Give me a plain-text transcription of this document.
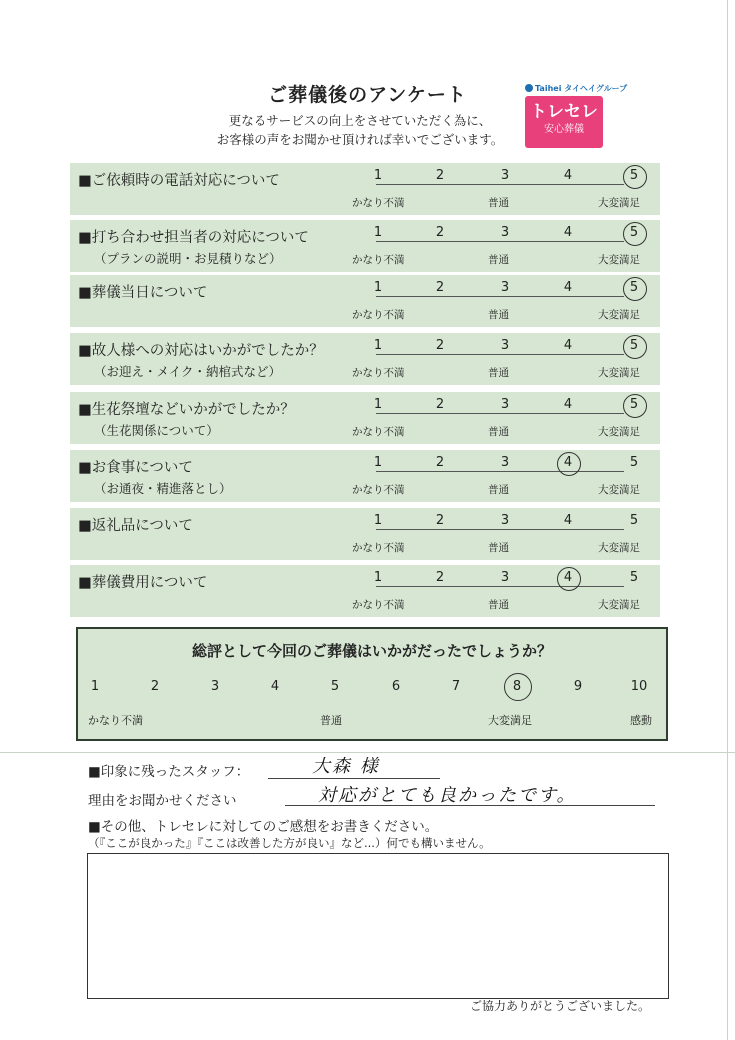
ご葬儀後のアンケート
更なるサービスの向上をさせていただく為に、
お客様の声をお聞かせ頂ければ幸いでございます。
Taihei タイヘイグループ
トレセレ
安心葬儀
■ご依頼時の電話対応について	1	2	3	4	5
かなり不満	普通	大変満足
■打ち合わせ担当者の対応について
（プランの説明・お見積りなど）
1	2	3	4	5
かなり不満	普通	大変満足
■葬儀当日について	1	2	3	4	5
かなり不満	普通	大変満足
■故人様への対応はいかがでしたか？
（お迎え・メイク・納棺式など）
1	2	3	4	5
かなり不満	普通	大変満足
■生花祭壇などいかがでしたか？
（生花関係について）
1	2	3	4	5
かなり不満	普通	大変満足
■お食事について
（お通夜・精進落とし）
1	2	3	4	5
かなり不満	普通	大変満足
■返礼品について	1	2	3	4	5
かなり不満	普通	大変満足
■葬儀費用について	1	2	3	4	5
かなり不満	普通	大変満足
総評として今回のご葬儀はいかがだったでしょうか？
1	2	3	4	5	6	7	8	9	10
かなり不満	普通	大変満足	感動
■印象に残ったスタッフ：	大森 様
理由をお聞かせください	対応がとても良かったです。
■その他、トレセレに対してのご感想をお書きください。
（『ここが良かった』『ここは改善した方が良い』など...）何でも構いません。
ご協力ありがとうございました。
